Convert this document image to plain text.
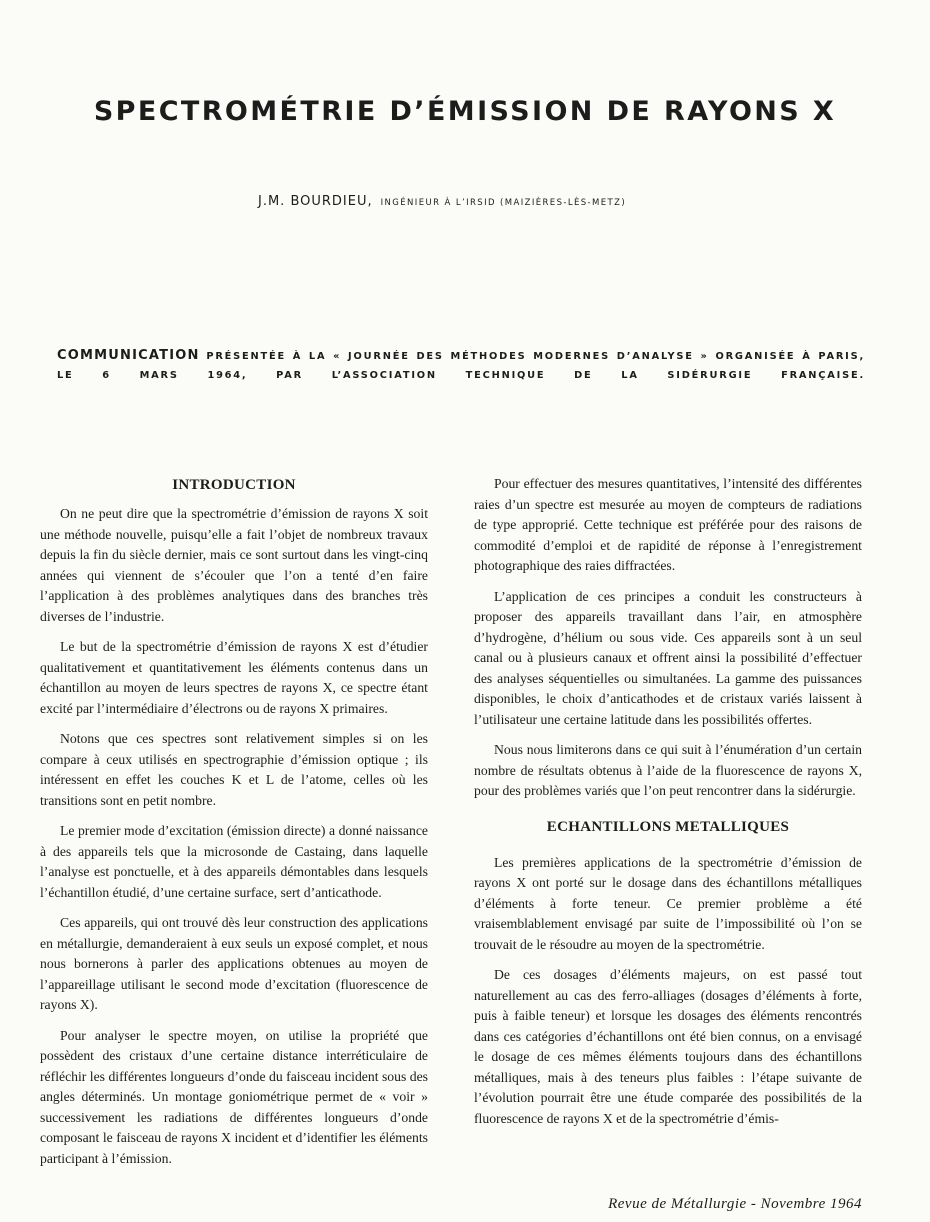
SPECTROMÉTRIE D’ÉMISSION DE RAYONS X
J.M. BOURDIEU, INGÉNIEUR À L’IRSID (MAIZIÈRES-LÈS-METZ)
COMMUNICATION PRÉSENTÉE À LA « JOURNÉE DES MÉTHODES MODERNES D’ANALYSE » ORGANISÉE À PARIS, LE 6 MARS 1964, PAR L’ASSOCIATION TECHNIQUE DE LA SIDÉRURGIE FRANÇAISE.
INTRODUCTION

On ne peut dire que la spectrométrie d’émission de rayons X soit une méthode nouvelle, puisqu’elle a fait l’objet de nombreux travaux depuis la fin du siècle dernier, mais ce sont surtout dans les vingt-cinq années qui viennent de s’écouler que l’on a tenté d’en faire l’application à des problèmes analytiques dans des branches très diverses de l’industrie.

Le but de la spectrométrie d’émission de rayons X est d’étudier qualitativement et quantitativement les éléments contenus dans un échantillon au moyen de leurs spectres de rayons X, ce spectre étant excité par l’intermédiaire d’électrons ou de rayons X primaires.

Notons que ces spectres sont relativement simples si on les compare à ceux utilisés en spectrographie d’émission optique ; ils intéressent en effet les couches K et L de l’atome, celles où les transitions sont en petit nombre.

Le premier mode d’excitation (émission directe) a donné naissance à des appareils tels que la microsonde de Castaing, dans laquelle l’analyse est ponctuelle, et à des appareils démontables dans lesquels l’échantillon étudié, d’une certaine surface, sert d’anticathode.

Ces appareils, qui ont trouvé dès leur construction des applications en métallurgie, demanderaient à eux seuls un exposé complet, et nous nous bornerons à parler des applications obtenues au moyen de l’appareillage utilisant le second mode d’excitation (fluorescence de rayons X).

Pour analyser le spectre moyen, on utilise la propriété que possèdent des cristaux d’une certaine distance interréticulaire de réfléchir les différentes longueurs d’onde du faisceau incident sous des angles déterminés. Un montage goniométrique permet de « voir » successivement les radiations de différentes longueurs d’onde composant le faisceau de rayons X incident et d’identifier les éléments participant à l’émission.

Pour effectuer des mesures quantitatives, l’intensité des différentes raies d’un spectre est mesurée au moyen de compteurs de radiations de type approprié. Cette technique est préférée pour des raisons de commodité d’emploi et de rapidité de réponse à l’enregistrement photographique des raies diffractées.

L’application de ces principes a conduit les constructeurs à proposer des appareils travaillant dans l’air, en atmosphère d’hydrogène, d’hélium ou sous vide. Ces appareils sont à un seul canal ou à plusieurs canaux et offrent ainsi la possibilité d’effectuer des analyses séquentielles ou simultanées. La gamme des puissances disponibles, le choix d’anticathodes et de cristaux variés laissent à l’utilisateur une certaine latitude dans les possibilités offertes.

Nous nous limiterons dans ce qui suit à l’énumération d’un certain nombre de résultats obtenus à l’aide de la fluorescence de rayons X, pour des problèmes variés que l’on peut rencontrer dans la sidérurgie.

ECHANTILLONS METALLIQUES

Les premières applications de la spectrométrie d’émission de rayons X ont porté sur le dosage dans des échantillons métalliques d’éléments à forte teneur. Ce premier problème a été vraisemblablement envisagé par suite de l’impossibilité où l’on se trouvait de le résoudre au moyen de la spectrométrie.

De ces dosages d’éléments majeurs, on est passé tout naturellement au cas des ferro-alliages (dosages d’éléments à forte, puis à faible teneur) et lorsque les dosages des éléments rencontrés dans ces catégories d’échantillons ont été bien connus, on a envisagé le dosage de ces mêmes éléments toujours dans des échantillons métalliques, mais à des teneurs plus faibles : l’étape suivante de l’évolution pourrait être une étude comparée des possibilités de la fluorescence de rayons X et de la spectrométrie d’émis-

Revue de Métallurgie - Novembre 1964
